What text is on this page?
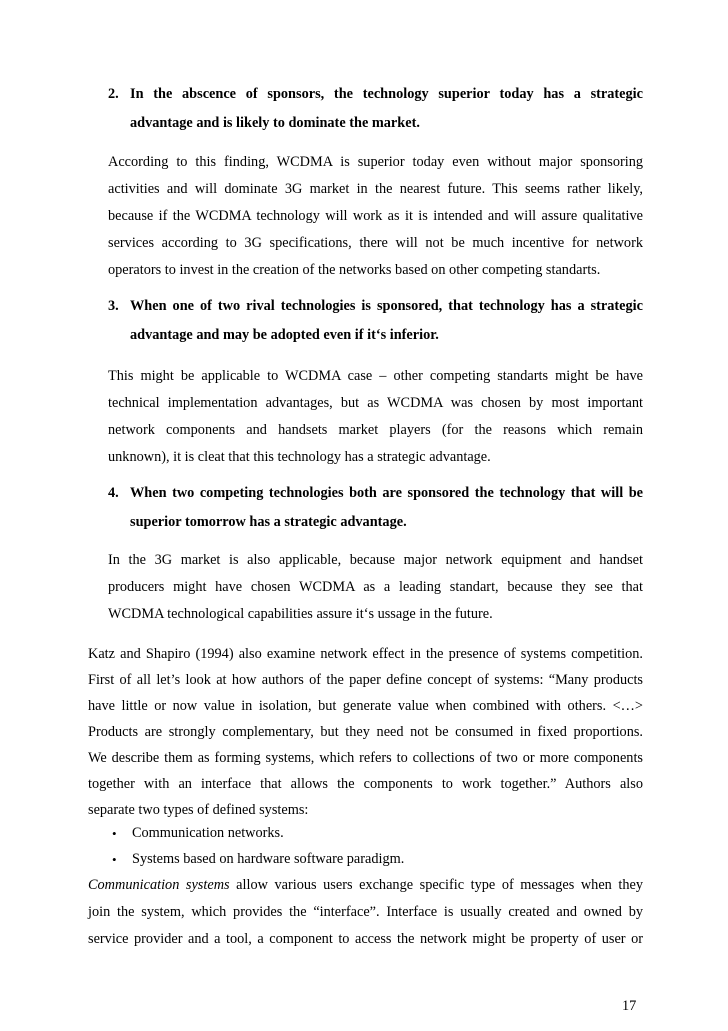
2. In the abscence of sponsors, the technology superior today has a strategic
advantage and is likely to dominate the market.
According to this finding, WCDMA is superior today even without major sponsoring
activities and will dominate 3G market in the nearest future. This seems rather likely,
because if the WCDMA technology will work as it is intended and will assure qualitative
services according to 3G specifications, there will not be much incentive for network
operators to invest in the creation of the networks based on other competing standarts.
3. When one of two rival technologies is sponsored, that technology has a strategic
advantage and may be adopted even if it‘s inferior.
This might be applicable to WCDMA case – other competing standarts might be have
technical implementation advantages, but as WCDMA was chosen by most important
network components and handsets market players (for the reasons which remain
unknown), it is cleat that this technology has a strategic advantage.
4. When two competing technologies both are sponsored the technology that will be
superior tomorrow has a strategic advantage.
In the 3G market is also applicable, because major network equipment and handset
producers might have chosen WCDMA as a leading standart, because they see that
WCDMA technological capabilities assure it‘s ussage in the future.
Katz and Shapiro (1994) also examine network effect in the presence of systems competition.
First of all let’s look at how authors of the paper define concept of systems: “Many products
have little or now value in isolation, but generate value when combined with others. <…>
Products are strongly complementary, but they need not be consumed in fixed proportions.
We describe them as forming systems, which refers to collections of two or more components
together with an interface that allows the components to work together.” Authors also
separate two types of defined systems:
• Communication networks.
• Systems based on hardware software paradigm.
Communication systems allow various users exchange specific type of messages when they
join the system, which provides the “interface”. Interface is usually created and owned by
service provider and a tool, a component to access the network might be property of user or
17
